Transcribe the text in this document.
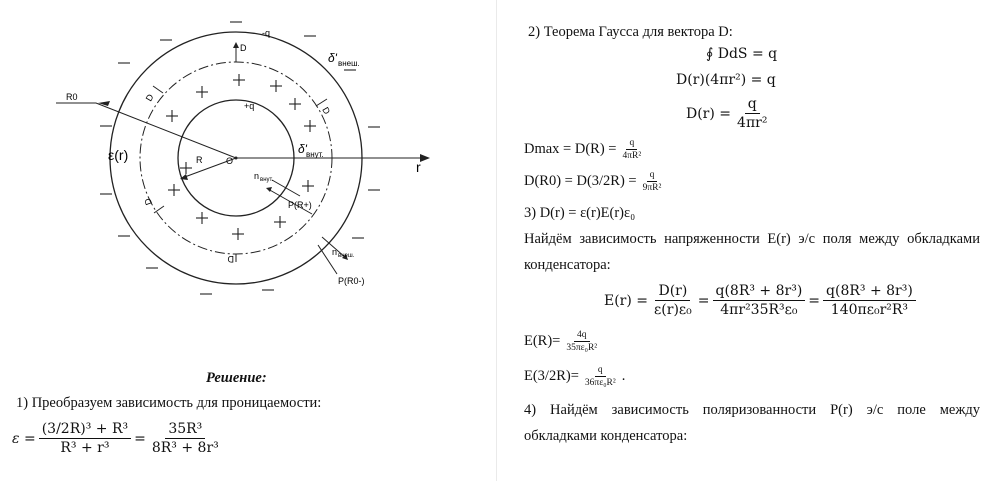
-q
+q
δ' внеш.
δ' внут.
R0
ε(r)	R	O	r
D
D
D
D
D
n внут.
P(R+)
n внеш.
P(R0-)
Решение:
1) Преобразуем зависимость для проницаемости:
$\varepsilon = \frac{\text{(3/2R)³ + R³}}{\text{R³ + r³}} = \frac{\text{35R³}}{\text{8R³ + 8r³}}$
2) Теорема Гаусса для вектора D:
∮ DdS = q
D(r)(4πr²) = q
$D(r) = \frac{q}{\text{4πr²}}$
$Dmax = D(R) = \frac{q}{\text{4πR²}}$
$D(R0) = D(3/2R) = \frac{q}{\text{9πR²}}$
3) D(r) = ε(r)E(r)ε₀
Найдём зависимость напряженности E(r) э/с поля между обкладками
конденсатора:
$E(r) = \frac{D(r)}{\text{ε(r)ε₀}} = \frac{\text{q(8R³ + 8r³)}}{\text{4πr²35R³ε₀}} = \frac{\text{q(8R³ + 8r³)}}{\text{140πε₀r²R³}}$
$E(R)= \frac{4q}{\text{35πε₀R²}}$
$E(3/2R)= \frac{q}{\text{36πε₀R²}}$ .
4) Найдём зависимость поляризованности P(r) э/с поле между
обкладками конденсатора:
